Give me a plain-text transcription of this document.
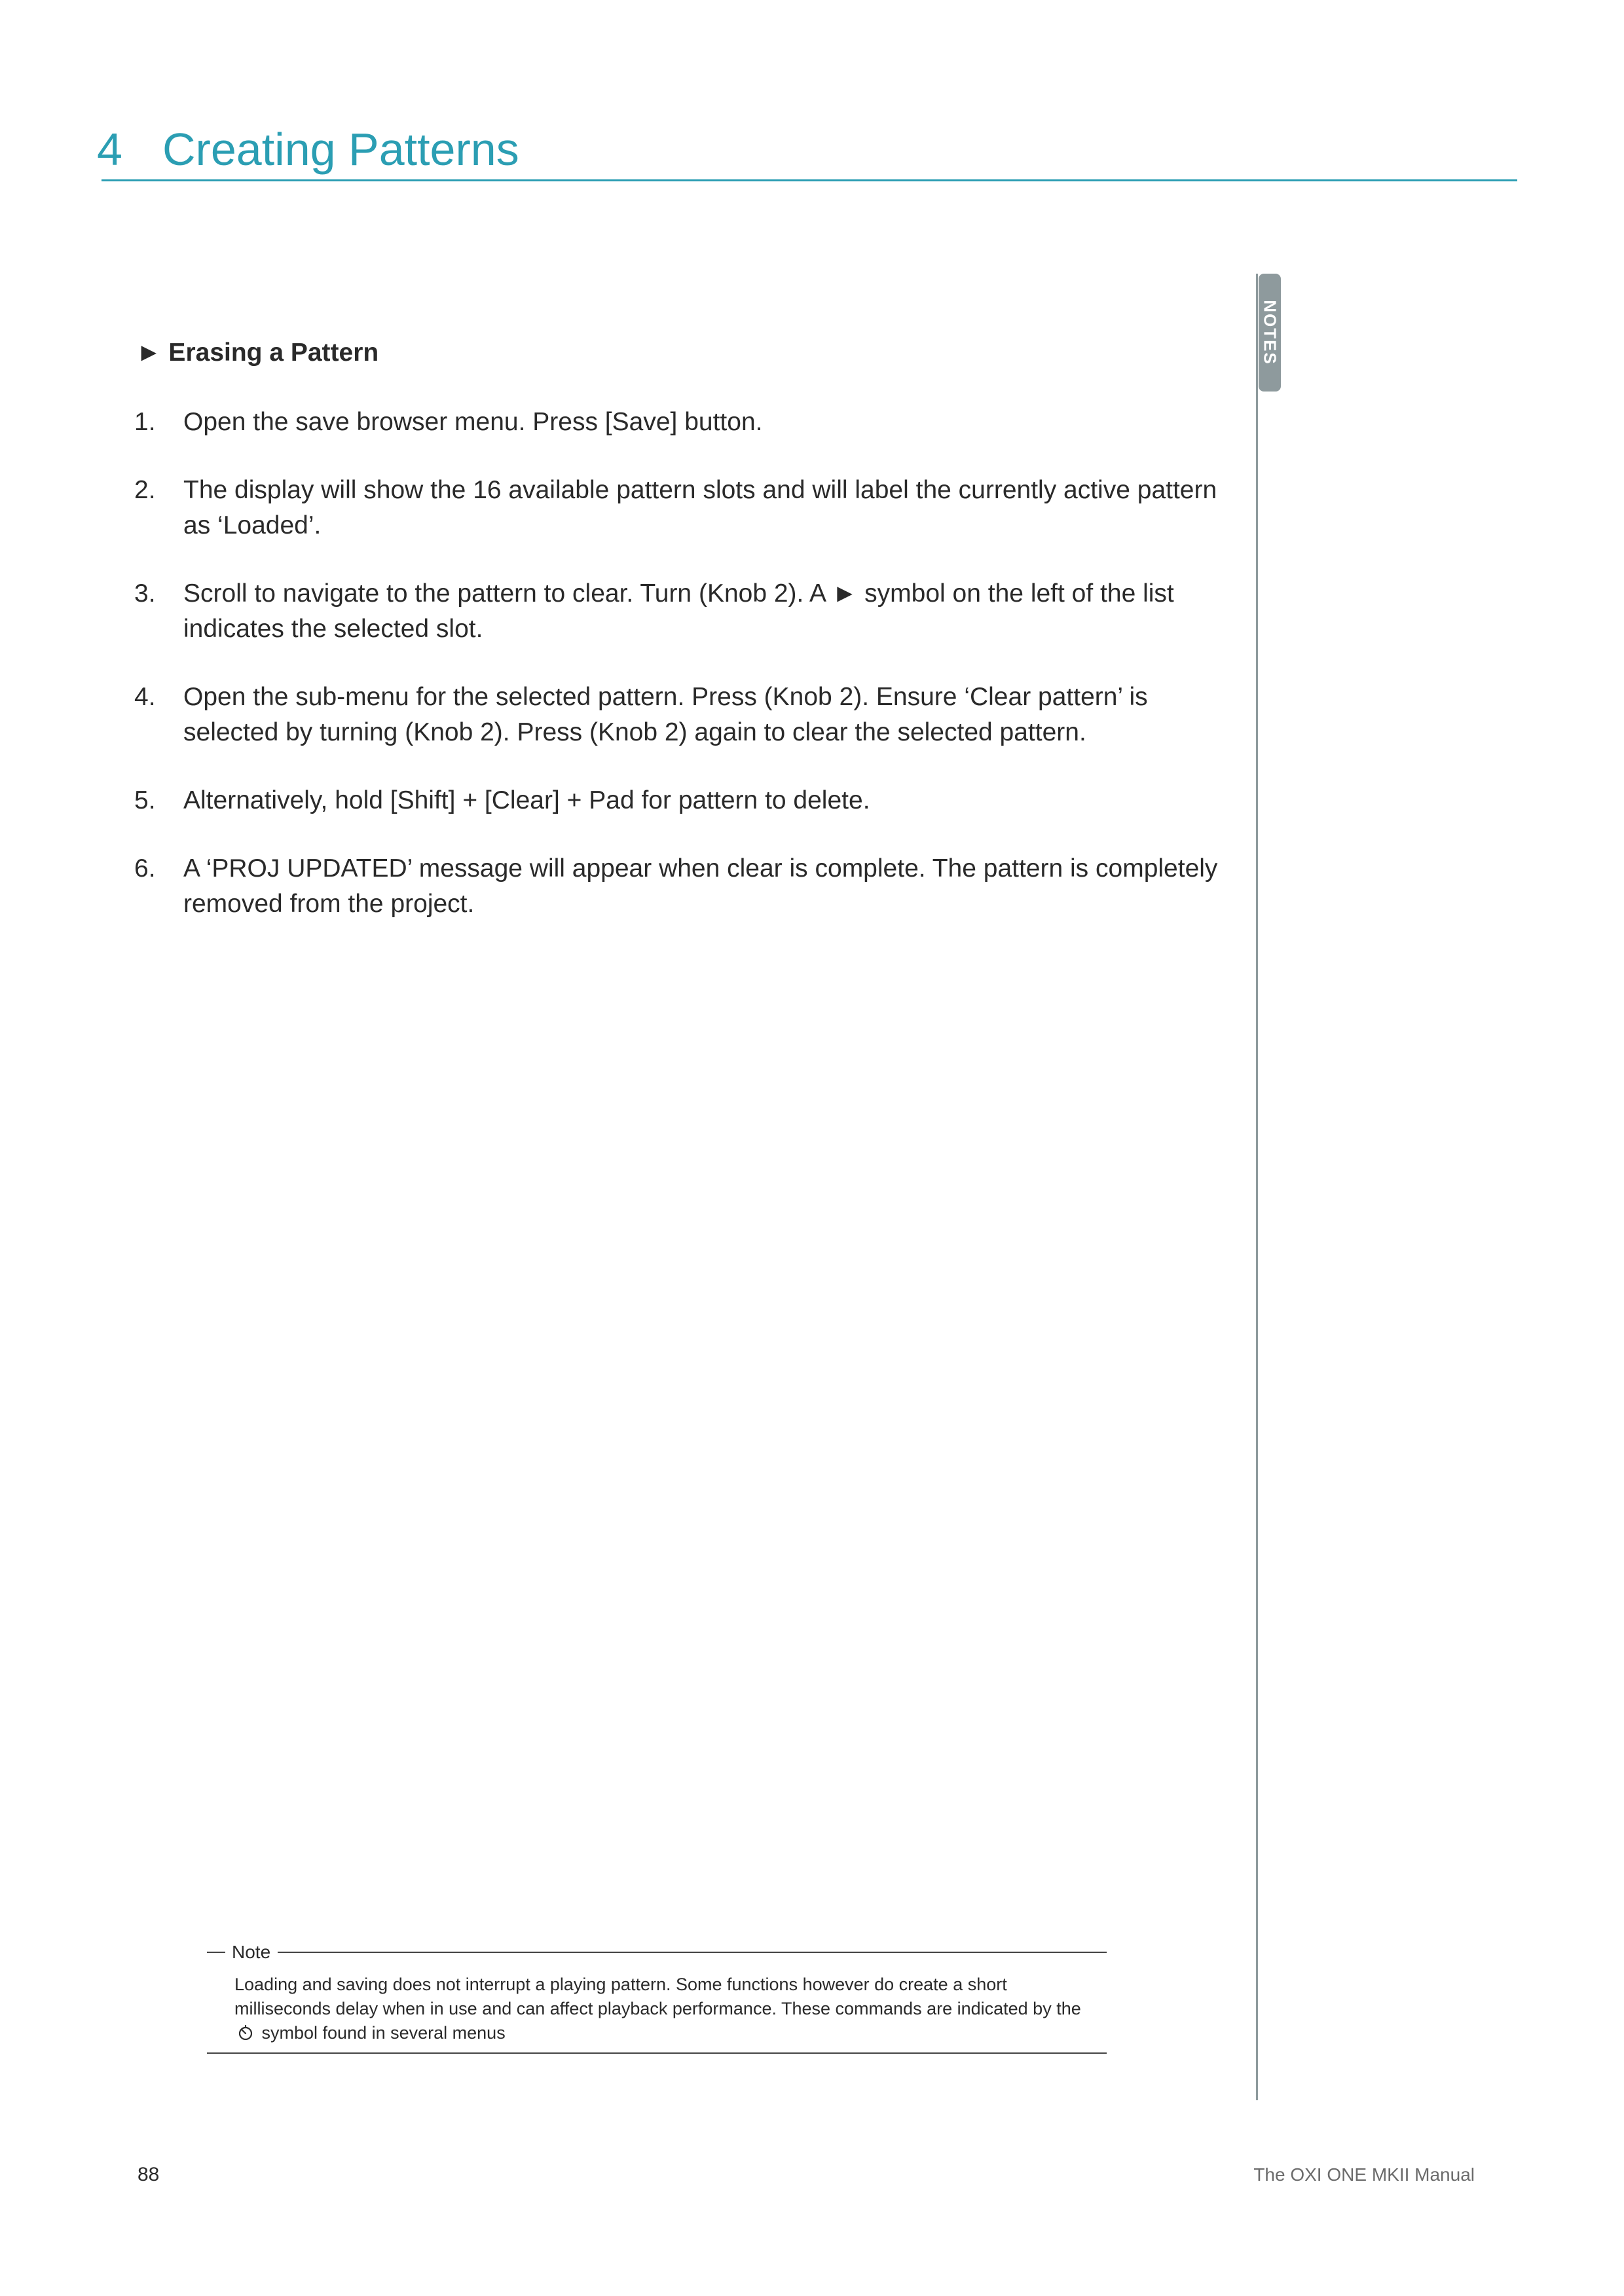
4 Creating Patterns
NOTES
► Erasing a Pattern
1. Open the save browser menu. Press [Save] button.
2. The display will show the 16 available pattern slots and will label the currently active pattern as ‘Loaded’.
3. Scroll to navigate to the pattern to clear. Turn (Knob 2). A ► symbol on the left of the list indicates the selected slot.
4. Open the sub-menu for the selected pattern. Press (Knob 2). Ensure ‘Clear pattern’ is selected by turning (Knob 2). Press (Knob 2) again to clear the selected pattern.
5. Alternatively, hold [Shift] + [Clear] + Pad for pattern to delete.
6. A ‘PROJ UPDATED’ message will appear when clear is complete. The pattern is completely removed from the project.
Note
Loading and saving does not interrupt a playing pattern. Some functions however do create a short milliseconds delay when in use and can affect playback performance. These commands are indicated by the  symbol found in several menus
88	The OXI ONE MKII Manual
